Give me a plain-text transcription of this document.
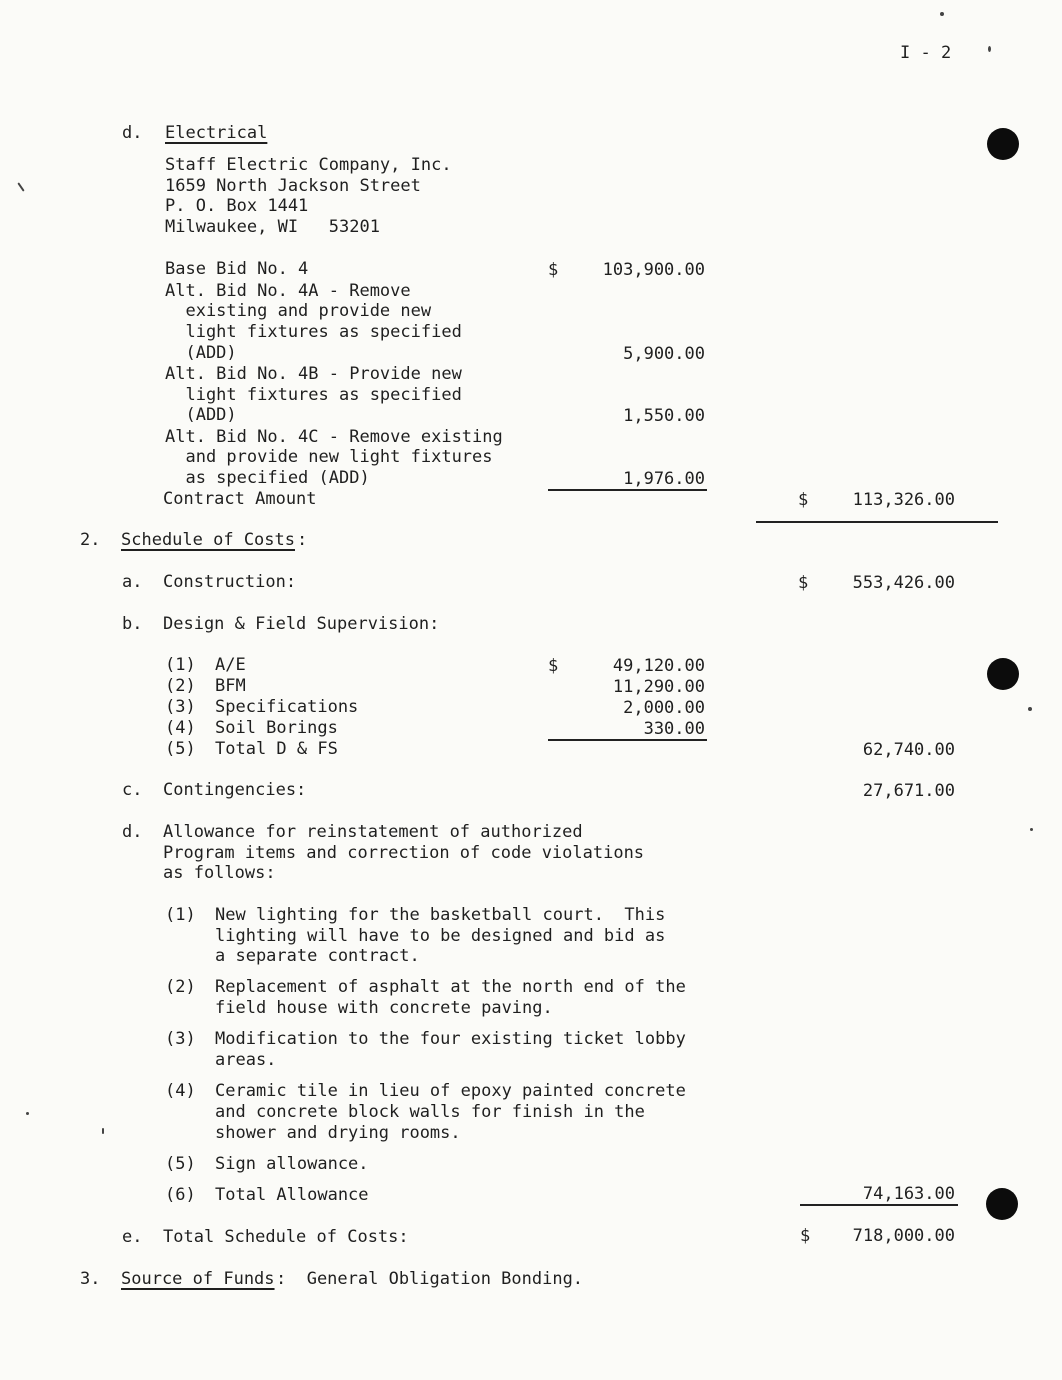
I - 2
d. Electrical
Staff Electric Company, Inc.
1659 North Jackson Street
P. O. Box 1441
Milwaukee, WI   53201
Base Bid No. 4	$	103,900.00
Alt. Bid No. 4A - Remove
existing and provide new
light fixtures as specified
(ADD)	5,900.00
Alt. Bid No. 4B - Provide new
light fixtures as specified
(ADD)	1,550.00
Alt. Bid No. 4C - Remove existing
and provide new light fixtures
as specified (ADD)	1,976.00
Contract Amount	$	113,326.00
2. Schedule of Costs :
a. Construction:	$	553,426.00
b. Design & Field Supervision:
(1) A/E	$	49,120.00
(2) BFM	11,290.00
(3) Specifications	2,000.00
(4) Soil Borings	330.00
(5) Total D & FS	62,740.00
c. Contingencies:	27,671.00
d. Allowance for reinstatement of authorized
Program items and correction of code violations
as follows:
(1) New lighting for the basketball court.  This
lighting will have to be designed and bid as
a separate contract.
(2) Replacement of asphalt at the north end of the
field house with concrete paving.
(3) Modification to the four existing ticket lobby
areas.
(4) Ceramic tile in lieu of epoxy painted concrete
and concrete block walls for finish in the
shower and drying rooms.
(5) Sign allowance.
(6) Total Allowance	74,163.00
e. Total Schedule of Costs:	$	718,000.00
3. Source of Funds :  General Obligation Bonding.
